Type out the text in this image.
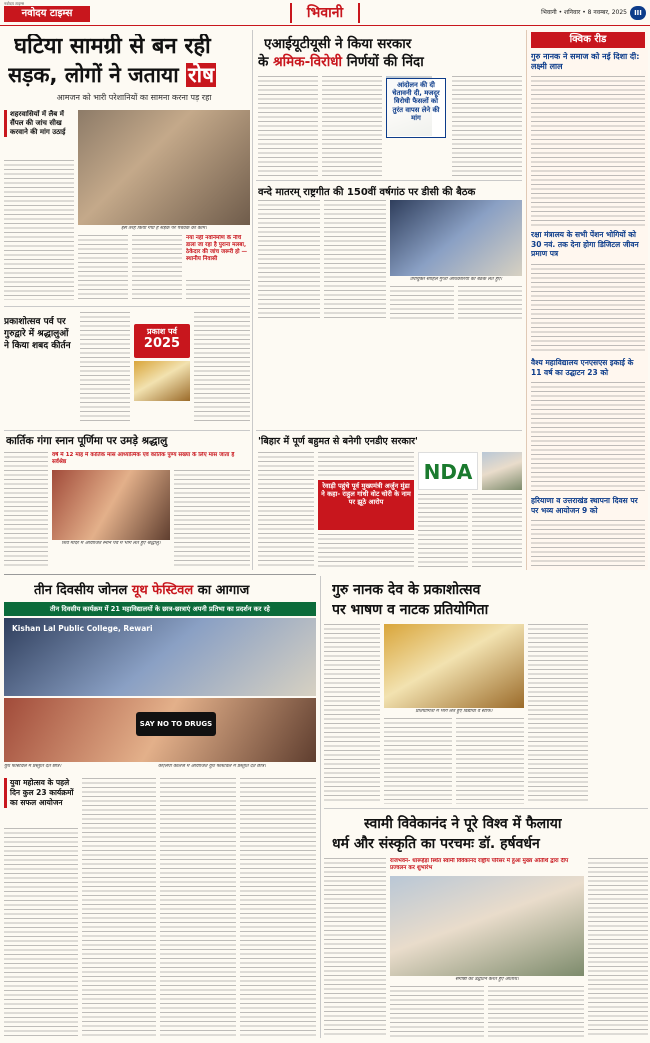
नवोदय टाइम्स
नवोदय टाइम्स	भिवानी	भिवानी • शनिवार • 8 नवम्बर, 2025	III
घटिया सामग्री से बन रही
सड़क, लोगों ने जताया रोष
आमजन को भारी परेशानियों का सामना करना पड़ रहा
शहरवासियों में लैब में सैंपल की जांच सीख करवाने की मांग उठाई
इस तरह किया गया है सड़क पर पैचवर्क का काम।
नया नहीं नवनिर्माण के नीचे डाला जा रहा है पुराना मलबा, ठेकेदार की जांच जरूरी हो — स्थानीय निवासी
एआईयूटीयूसी ने किया सरकार
के श्रमिक-विरोधी निर्णयों की निंदा
आंदोलन की दी चेतावनी दी, मजदूर विरोधी फैसलों को तुरंत वापस लेने की मांग
वन्दे मातरम् राष्ट्रगीत की 150वीं वर्षगांठ पर डीसी की बैठक
उपायुक्त साहिल गुप्ता अधिकारियों की बैठक लेते हुए।
प्रकाशोत्सव पर्व पर गुरुद्वारे में श्रद्धालुओं ने किया शबद कीर्तन
प्रकाश पर्व
2025
क्विक रीड
गुरु नानक ने समाज को नई दिशा दी: लक्ष्मी लाल
रक्षा मंत्रालय के सभी पेंशन भोगियों को 30 नवं. तक देना होगा डिजिटल जीवन प्रमाण पत्र
वैश्य महाविद्यालय एनएसएस इकाई के 11 वर्ष का उद्घाटन 23 को
हरियाणा व उत्तराखंड स्थापना दिवस पर पर भव्य आयोजन 9 को
कार्तिक गंगा स्नान पूर्णिमा पर उमड़े श्रद्धालु
वर्ष में 12 माह में कार्तिक मास आध्यात्मिक एवं कार्तिक पुण्य संख्या के लिए मास जाता है सर्वश्रेष्ठ
शिव मंदिर में आयोजित स्नान पर्व में भाग लेते हुए श्रद्धालु।
'बिहार में पूर्ण बहुमत से बनेगी एनडीए सरकार'
रेवाड़ी पहुंचे पूर्व मुख्यमंत्री अर्जुन मुंडा ने कहा- राहुल गांधी वोट चोरी के नाम पर झूठे आरोप
NDA
तीन दिवसीय जोनल यूथ फेस्टिवल का आगाज
तीन दिवसीय कार्यक्रम में 21 महाविद्यालयों के छात्र-छात्राएं अपनी प्रतिभा का प्रदर्शन कर रहे
Kishan Lal Public College, Rewari
SAY NO TO DRUGS
युथ फेस्टिवल में प्रस्तुति देते छात्र।	केएलपी कॉलेज में आयोजित युथ फेस्टिवल में प्रस्तुति देते छात्र।
युवा महोत्सव के पहले दिन कुल 23 कार्यक्रमों का सफल आयोजन
गुरु नानक देव के प्रकाशोत्सव
पर भाषण व नाटक प्रतियोगिता
प्रतियोगिता में भाग लेते हुए विद्यार्थी व स्टाफ।
स्वामी विवेकानंद ने पूरे विश्व में फैलाया
धर्म और संस्कृति का परचमः डॉ. हर्षवर्धन
राजभवन- धारूहेड़ा स्थित स्वामी विवेकानंद राष्ट्रीय परिसर में हुआ मुख्य अतिथि द्वारा दीप प्रज्वलन कर शुभारंभ
संगोष्ठी का उद्घाटन करते हुए अतिथि।
